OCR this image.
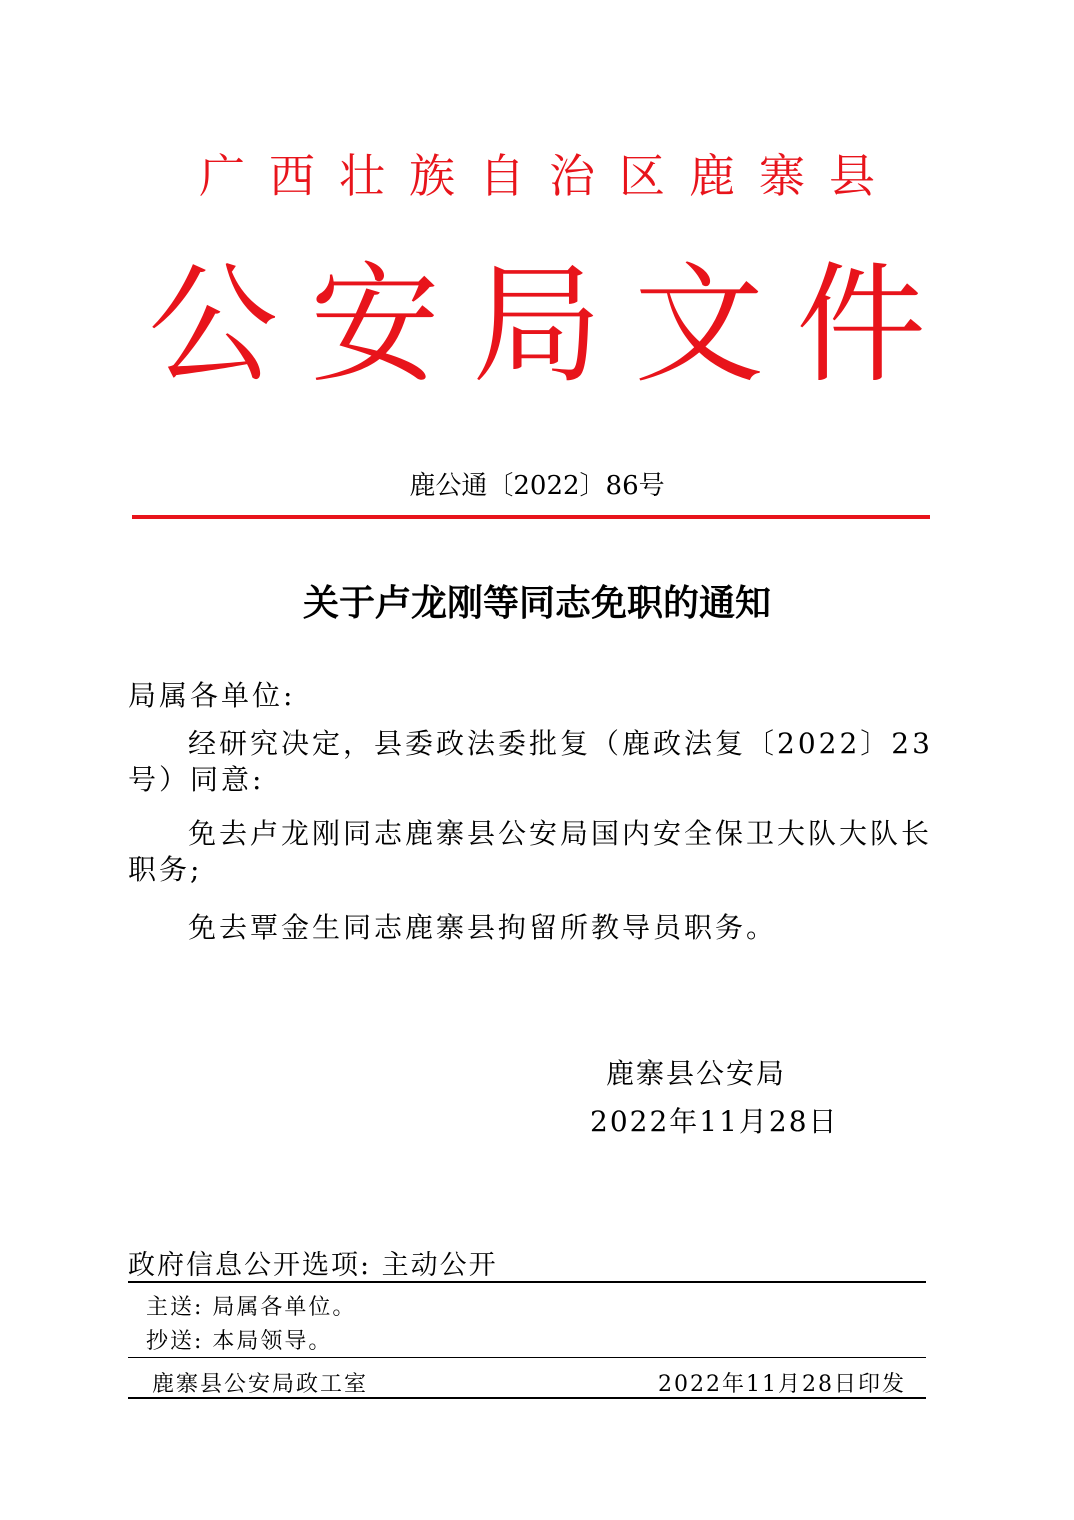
广西壮族自治区鹿寨县
公安局文件
鹿公通〔2022〕86号
关于卢龙刚等同志免职的通知
局属各单位:
经研究决定，县委政法委批复（鹿政法复〔2022〕23号）同意:
免去卢龙刚同志鹿寨县公安局国内安全保卫大队大队长职务;
免去覃金生同志鹿寨县拘留所教导员职务。
鹿寨县公安局
2022年11月28日
政府信息公开选项: 主动公开
主送: 局属各单位。
抄送: 本局领导。
鹿寨县公安局政工室	2022年11月28日印发
